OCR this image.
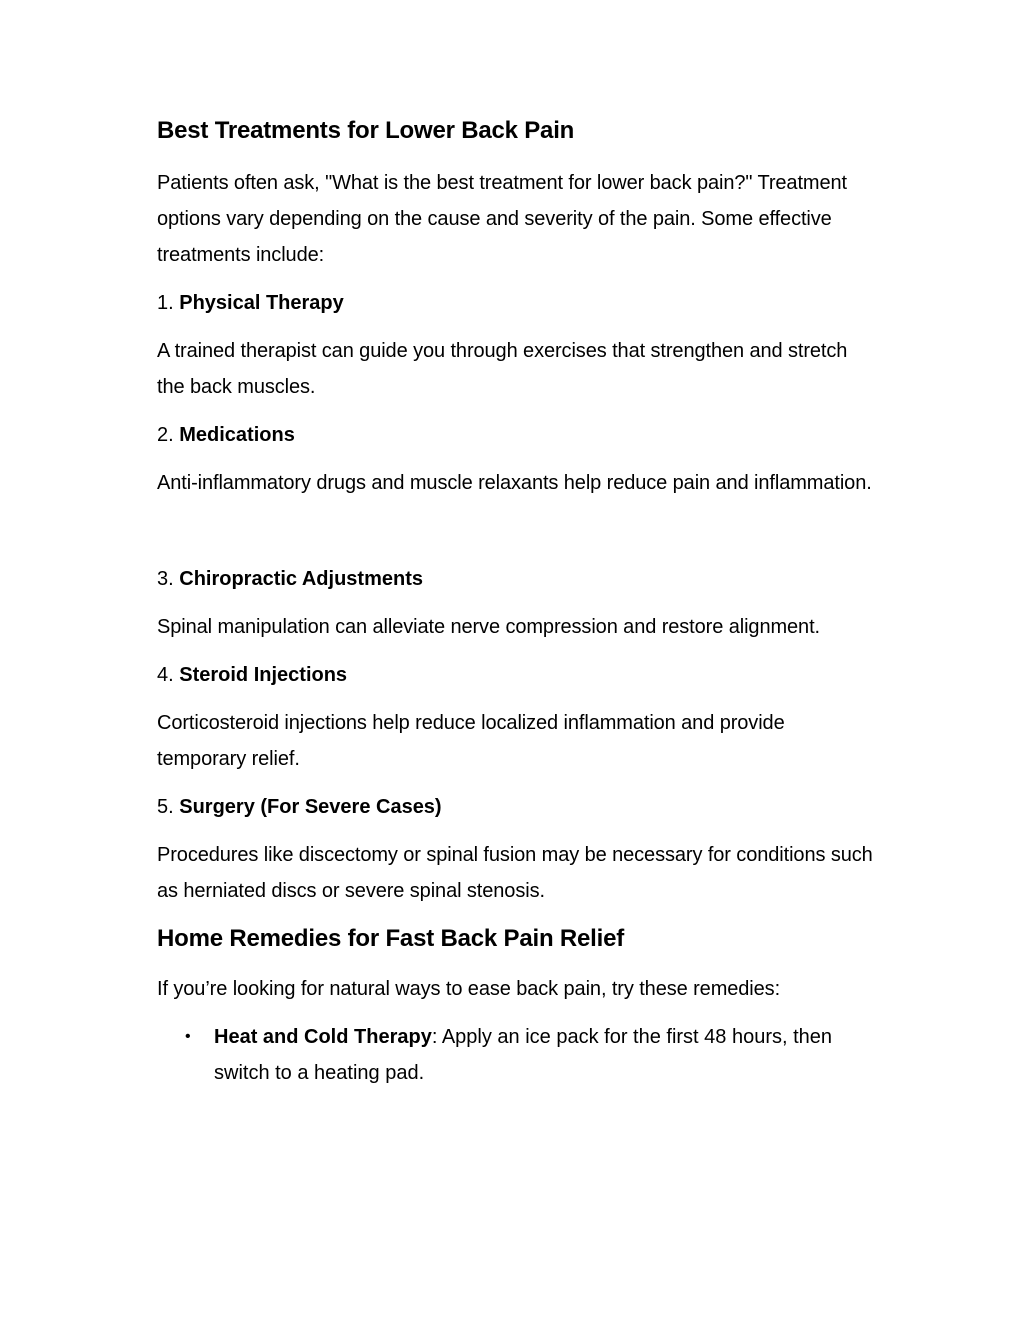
Best Treatments for Lower Back Pain

Patients often ask, "What is the best treatment for lower back pain?" Treatment options vary depending on the cause and severity of the pain. Some effective treatments include:

1. Physical Therapy

A trained therapist can guide you through exercises that strengthen and stretch the back muscles.

2. Medications

Anti-inflammatory drugs and muscle relaxants help reduce pain and inflammation.

3. Chiropractic Adjustments

Spinal manipulation can alleviate nerve compression and restore alignment.

4. Steroid Injections

Corticosteroid injections help reduce localized inflammation and provide temporary relief.

5. Surgery (For Severe Cases)

Procedures like discectomy or spinal fusion may be necessary for conditions such as herniated discs or severe spinal stenosis.

Home Remedies for Fast Back Pain Relief

If you’re looking for natural ways to ease back pain, try these remedies:

• Heat and Cold Therapy: Apply an ice pack for the first 48 hours, then switch to a heating pad.
